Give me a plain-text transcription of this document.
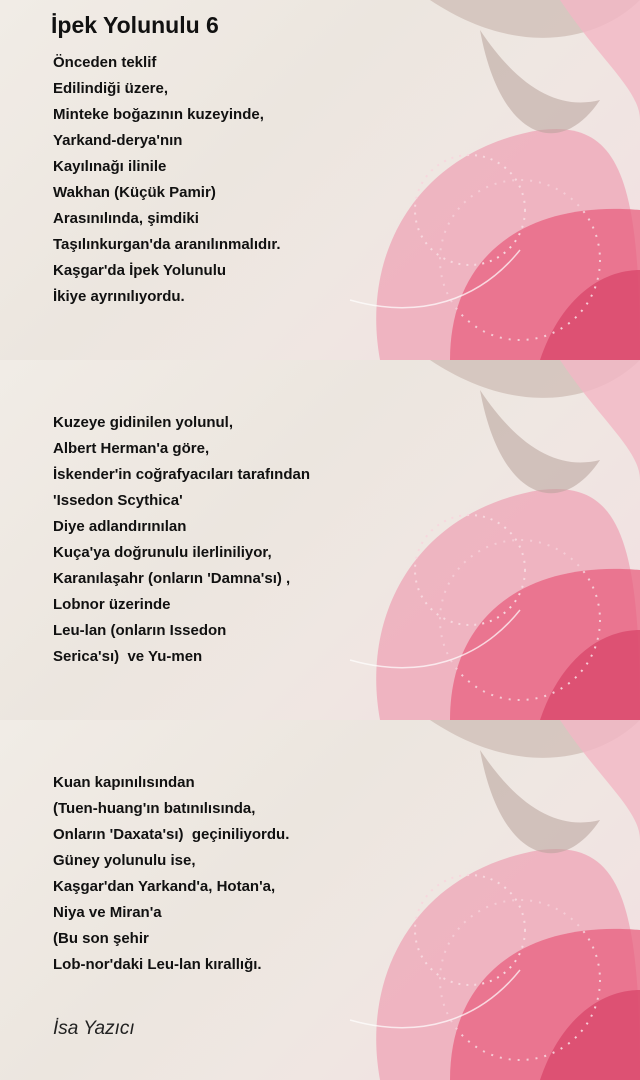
İpek Yolunulu 6
Önceden teklif
Edilindiği üzere,
Minteke boğazının kuzeyinde,
Yarkand-derya'nın
Kayılınağı ilinile
Wakhan (Küçük Pamir)
Arasınılında, şimdiki
Taşılınkurgan'da aranılınmalıdır.
Kaşgar'da İpek Yolunulu
İkiye ayrınılıyordu.
Kuzeye gidinilen yolunul,
Albert Herman'a göre,
İskender'in coğrafyacıları tarafından
'Issedon Scythica'
Diye adlandırınılan
Kuça'ya doğrunulu ilerliniliyor,
Karanılaşahr (onların 'Damna'sı) ,
Lobnor üzerinde
Leu-lan (onların Issedon
Serica'sı)  ve Yu-men
Kuan kapınılısından
(Tuen-huang'ın batınılısında,
Onların 'Daxata'sı)  geçiniliyordu.
Güney yolunulu ise,
Kaşgar'dan Yarkand'a, Hotan'a,
Niya ve Miran'a
(Bu son şehir
Lob-nor'daki Leu-lan kırallığı.
İsa Yazıcı
